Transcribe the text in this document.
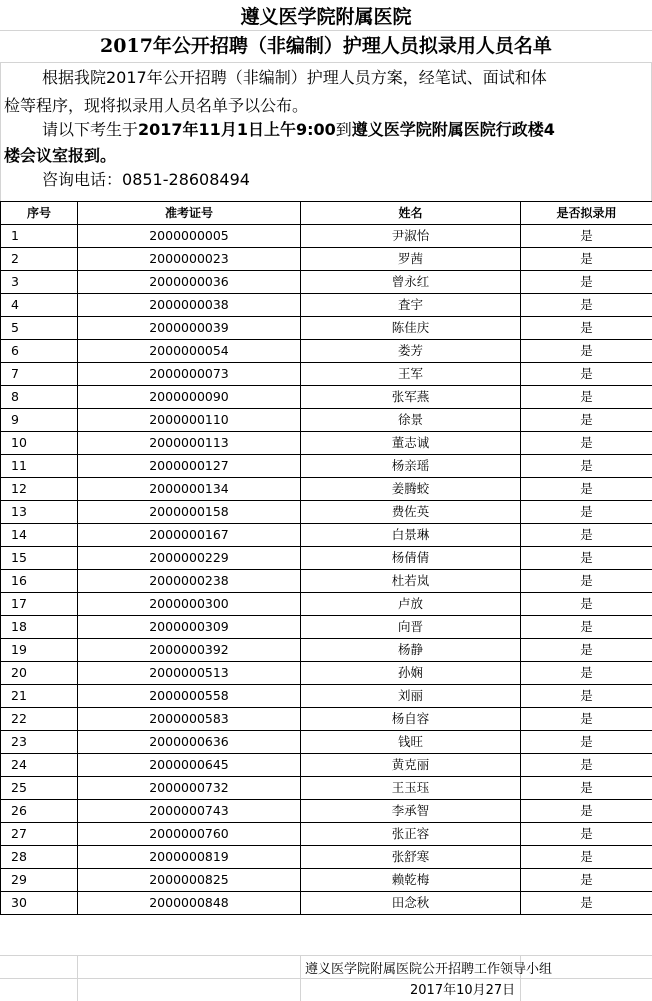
遵义医学院附属医院
2017年公开招聘（非编制）护理人员拟录用人员名单
根据我院2017年公开招聘（非编制）护理人员方案，经笔试、面试和体
检等程序，现将拟录用人员名单予以公布。
请以下考生于2017年11月1日上午9:00到遵义医学院附属医院行政楼4
楼会议室报到。
咨询电话：0851-28608494
序号	准考证号	姓名	是否拟录用
1	2000000005	尹淑怡	是
2	2000000023	罗茜	是
3	2000000036	曾永红	是
4	2000000038	査宇	是
5	2000000039	陈佳庆	是
6	2000000054	娄芳	是
7	2000000073	王军	是
8	2000000090	张军燕	是
9	2000000110	徐景	是
10	2000000113	董志诚	是
11	2000000127	杨亲瑶	是
12	2000000134	姜腾蛟	是
13	2000000158	费佐英	是
14	2000000167	白景琳	是
15	2000000229	杨倩倩	是
16	2000000238	杜若岚	是
17	2000000300	卢放	是
18	2000000309	向晋	是
19	2000000392	杨静	是
20	2000000513	孙娴	是
21	2000000558	刘丽	是
22	2000000583	杨自容	是
23	2000000636	钱旺	是
24	2000000645	黄克丽	是
25	2000000732	王玉珏	是
26	2000000743	李承智	是
27	2000000760	张正容	是
28	2000000819	张舒寒	是
29	2000000825	赖乾梅	是
30	2000000848	田念秋	是
遵义医学院附属医院公开招聘工作领导小组
2017年10月27日
